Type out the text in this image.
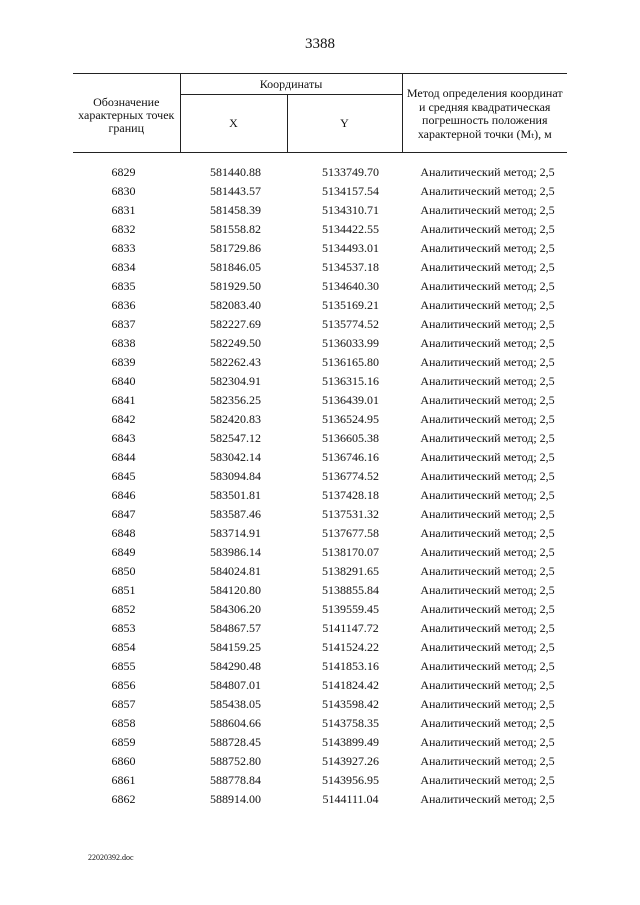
3388
Обозначение характерных точек границ	Координаты		Метод определения координат и средняя квадратическая погрешность положения характерной точки (Mₜ), м
	X	Y	
6829	581440.88	5133749.70	Аналитический метод; 2,5
6830	581443.57	5134157.54	Аналитический метод; 2,5
6831	581458.39	5134310.71	Аналитический метод; 2,5
6832	581558.82	5134422.55	Аналитический метод; 2,5
6833	581729.86	5134493.01	Аналитический метод; 2,5
6834	581846.05	5134537.18	Аналитический метод; 2,5
6835	581929.50	5134640.30	Аналитический метод; 2,5
6836	582083.40	5135169.21	Аналитический метод; 2,5
6837	582227.69	5135774.52	Аналитический метод; 2,5
6838	582249.50	5136033.99	Аналитический метод; 2,5
6839	582262.43	5136165.80	Аналитический метод; 2,5
6840	582304.91	5136315.16	Аналитический метод; 2,5
6841	582356.25	5136439.01	Аналитический метод; 2,5
6842	582420.83	5136524.95	Аналитический метод; 2,5
6843	582547.12	5136605.38	Аналитический метод; 2,5
6844	583042.14	5136746.16	Аналитический метод; 2,5
6845	583094.84	5136774.52	Аналитический метод; 2,5
6846	583501.81	5137428.18	Аналитический метод; 2,5
6847	583587.46	5137531.32	Аналитический метод; 2,5
6848	583714.91	5137677.58	Аналитический метод; 2,5
6849	583986.14	5138170.07	Аналитический метод; 2,5
6850	584024.81	5138291.65	Аналитический метод; 2,5
6851	584120.80	5138855.84	Аналитический метод; 2,5
6852	584306.20	5139559.45	Аналитический метод; 2,5
6853	584867.57	5141147.72	Аналитический метод; 2,5
6854	584159.25	5141524.22	Аналитический метод; 2,5
6855	584290.48	5141853.16	Аналитический метод; 2,5
6856	584807.01	5141824.42	Аналитический метод; 2,5
6857	585438.05	5143598.42	Аналитический метод; 2,5
6858	588604.66	5143758.35	Аналитический метод; 2,5
6859	588728.45	5143899.49	Аналитический метод; 2,5
6860	588752.80	5143927.26	Аналитический метод; 2,5
6861	588778.84	5143956.95	Аналитический метод; 2,5
6862	588914.00	5144111.04	Аналитический метод; 2,5
22020392.doc
